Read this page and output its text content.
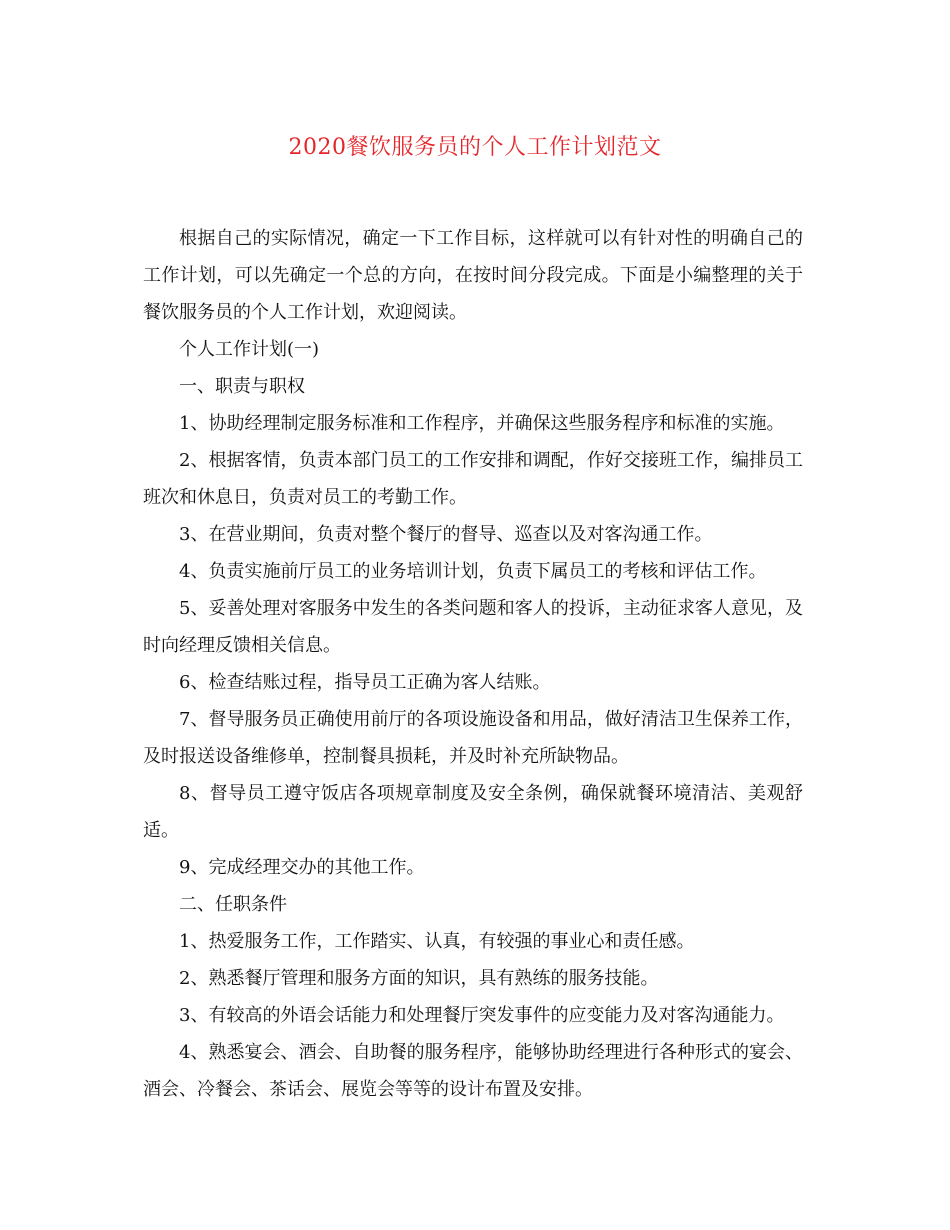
2020餐饮服务员的个人工作计划范文

根据自己的实际情况，确定一下工作目标，这样就可以有针对性的明确自己的工作计划，可以先确定一个总的方向，在按时间分段完成。下面是小编整理的关于餐饮服务员的个人工作计划，欢迎阅读。

个人工作计划(一)

一、职责与职权

1、协助经理制定服务标准和工作程序，并确保这些服务程序和标准的实施。

2、根据客情，负责本部门员工的工作安排和调配，作好交接班工作，编排员工班次和休息日，负责对员工的考勤工作。

3、在营业期间，负责对整个餐厅的督导、巡查以及对客沟通工作。

4、负责实施前厅员工的业务培训计划，负责下属员工的考核和评估工作。

5、妥善处理对客服务中发生的各类问题和客人的投诉，主动征求客人意见，及时向经理反馈相关信息。

6、检查结账过程，指导员工正确为客人结账。

7、督导服务员正确使用前厅的各项设施设备和用品，做好清洁卫生保养工作，及时报送设备维修单，控制餐具损耗，并及时补充所缺物品。

8、督导员工遵守饭店各项规章制度及安全条例，确保就餐环境清洁、美观舒适。

9、完成经理交办的其他工作。

二、任职条件

1、热爱服务工作，工作踏实、认真，有较强的事业心和责任感。

2、熟悉餐厅管理和服务方面的知识，具有熟练的服务技能。

3、有较高的外语会话能力和处理餐厅突发事件的应变能力及对客沟通能力。

4、熟悉宴会、酒会、自助餐的服务程序，能够协助经理进行各种形式的宴会、酒会、冷餐会、茶话会、展览会等等的设计布置及安排。
